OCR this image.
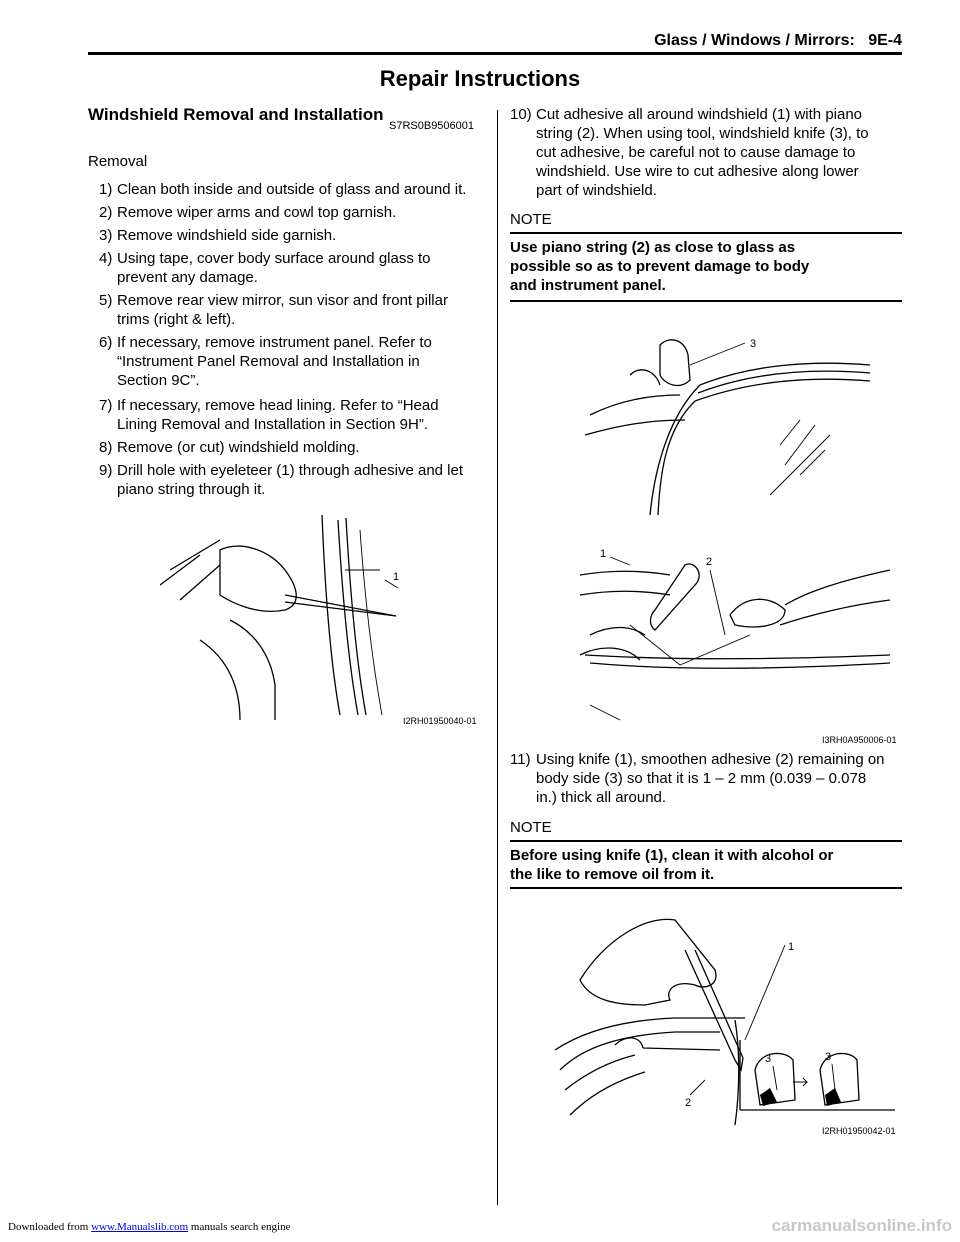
Glass / Windows / Mirrors: 9E-4
Repair Instructions
Windshield Removal and Installation
S7RS0B9506001
Removal
1) Clean both inside and outside of glass and around it.
2) Remove wiper arms and cowl top garnish.
3) Remove windshield side garnish.
4) Using tape, cover body surface around glass to
prevent any damage.
5) Remove rear view mirror, sun visor and front pillar
trims (right & left).
6) If necessary, remove instrument panel. Refer to
“Instrument Panel Removal and Installation in
Section 9C”.
7) If necessary, remove head lining. Refer to “Head
Lining Removal and Installation in Section 9H”.
8) Remove (or cut) windshield molding.
9) Drill hole with eyeleteer (1) through adhesive and let
piano string through it.
1
I2RH01950040-01
10) Cut adhesive all around windshield (1) with piano
string (2). When using tool, windshield knife (3), to
cut adhesive, be careful not to cause damage to
windshield. Use wire to cut adhesive along lower
part of windshield.
NOTE
Use piano string (2) as close to glass as
possible so as to prevent damage to body
and instrument panel.
3
1
2
I3RH0A950006-01
11) Using knife (1), smoothen adhesive (2) remaining on
body side (3) so that it is 1 – 2 mm (0.039 – 0.078
in.) thick all around.
NOTE
Before using knife (1), clean it with alcohol or
the like to remove oil from it.
1
3	3
2
I2RH01950042-01
Downloaded from www.Manualslib.com manuals search engine	carmanualsonline.info
